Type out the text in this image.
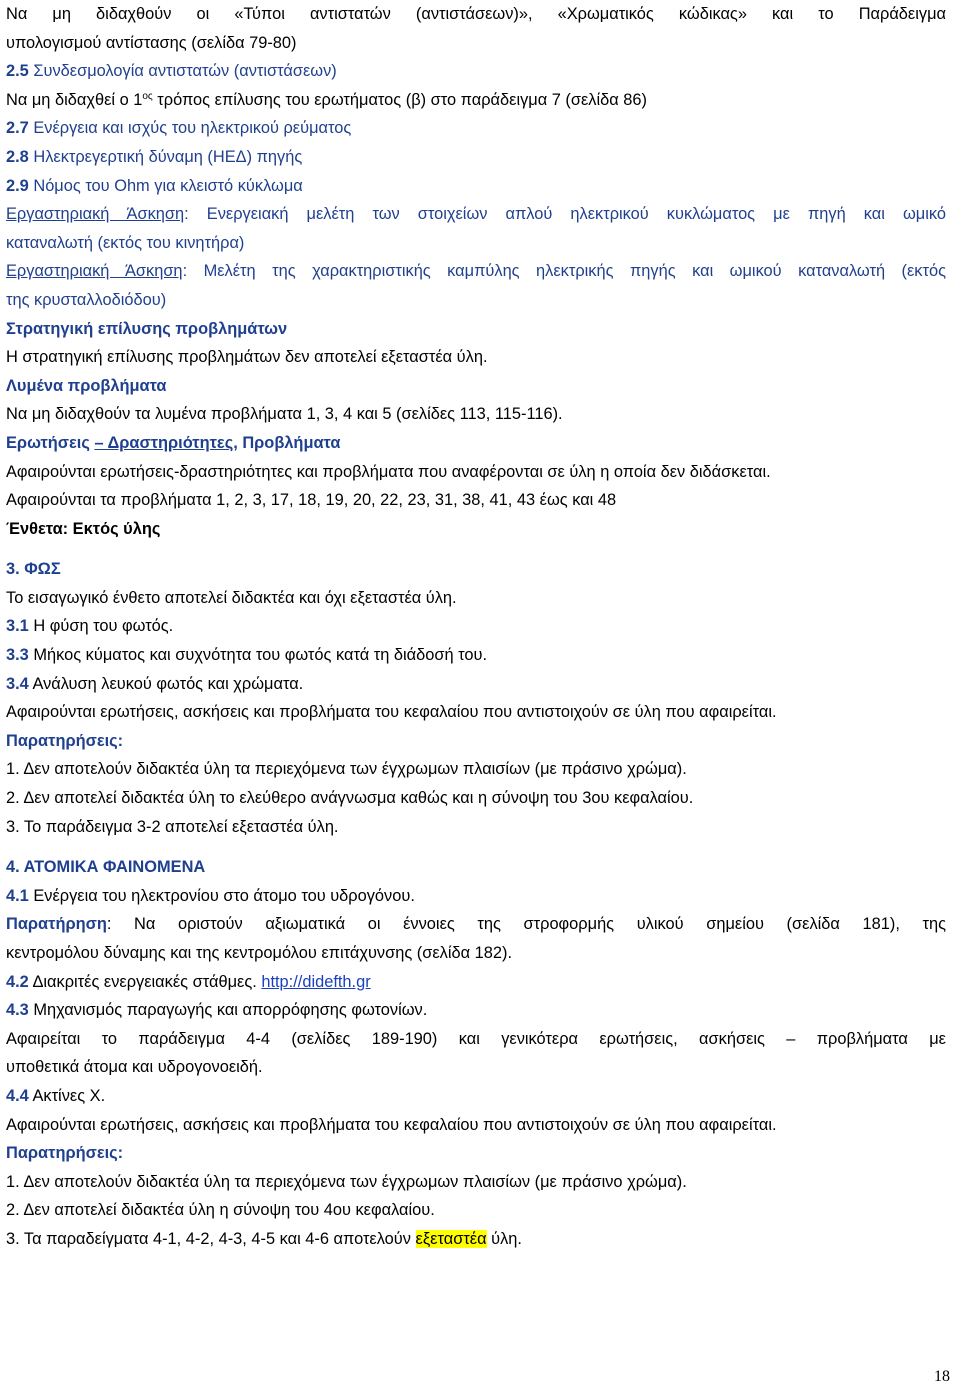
Να μη διδαχθούν οι «Τύποι αντιστατών (αντιστάσεων)», «Χρωματικός κώδικας» και το Παράδειγμα
υπολογισμού αντίστασης (σελίδα 79-80)
2.5 Συνδεσμολογία αντιστατών (αντιστάσεων)
Να μη διδαχθεί ο $1^{o\varsigma}$ τρόπος επίλυσης του ερωτήματος (β) στο παράδειγμα 7 (σελίδα 86)
2.7 Ενέργεια και ισχύς του ηλεκτρικού ρεύματος
2.8 Ηλεκτρεγερτική δύναμη (ΗΕΔ) πηγής
2.9 Νόμος του Ohm για κλειστό κύκλωμα
Εργαστηριακή Άσκηση: Ενεργειακή μελέτη των στοιχείων απλού ηλεκτρικού κυκλώματος με πηγή και ωμικό
καταναλωτή (εκτός του κινητήρα)
Εργαστηριακή Άσκηση: Μελέτη της χαρακτηριστικής καμπύλης ηλεκτρικής πηγής και ωμικού καταναλωτή (εκτός
της κρυσταλλοδιόδου)
Στρατηγική επίλυσης προβλημάτων
Η στρατηγική επίλυσης προβλημάτων δεν αποτελεί εξεταστέα ύλη.
Λυμένα προβλήματα
Να μη διδαχθούν τα λυμένα προβλήματα 1, 3, 4 και 5 (σελίδες 113, 115-116).
Ερωτήσεις – Δραστηριότητες, Προβλήματα
Αφαιρούνται ερωτήσεις-δραστηριότητες και προβλήματα που αναφέρονται σε ύλη η οποία δεν διδάσκεται.
Αφαιρούνται τα προβλήματα 1, 2, 3, 17, 18, 19, 20, 22, 23, 31, 38, 41, 43 έως και 48
Ένθετα: Εκτός ύλης
3. ΦΩΣ
Το εισαγωγικό ένθετο αποτελεί διδακτέα και όχι εξεταστέα ύλη.
3.1 Η φύση του φωτός.
3.3 Μήκος κύματος και συχνότητα του φωτός κατά τη διάδοσή του.
3.4 Ανάλυση λευκού φωτός και χρώματα.
Αφαιρούνται ερωτήσεις, ασκήσεις και προβλήματα του κεφαλαίου που αντιστοιχούν σε ύλη που αφαιρείται.
Παρατηρήσεις:
1. Δεν αποτελούν διδακτέα ύλη τα περιεχόμενα των έγχρωμων πλαισίων (με πράσινο χρώμα).
2. Δεν αποτελεί διδακτέα ύλη το ελεύθερο ανάγνωσμα καθώς και η σύνοψη του 3ου κεφαλαίου.
3. Το παράδειγμα 3-2 αποτελεί εξεταστέα ύλη.
4. ΑΤΟΜΙΚΑ ΦΑΙΝΟΜΕΝΑ
4.1 Ενέργεια του ηλεκτρονίου στο άτομο του υδρογόνου.
Παρατήρηση: Να οριστούν αξιωματικά οι έννοιες της στροφορμής υλικού σημείου (σελίδα 181), της
κεντρομόλου δύναμης και της κεντρομόλου επιτάχυνσης (σελίδα 182).
4.2 Διακριτές ενεργειακές στάθμες. http://didefth.gr
4.3 Μηχανισμός παραγωγής και απορρόφησης φωτονίων.
Αφαιρείται το παράδειγμα 4-4 (σελίδες 189-190) και γενικότερα ερωτήσεις, ασκήσεις – προβλήματα με
υποθετικά άτομα και υδρογονοειδή.
4.4 Ακτίνες Χ.
Αφαιρούνται ερωτήσεις, ασκήσεις και προβλήματα του κεφαλαίου που αντιστοιχούν σε ύλη που αφαιρείται.
Παρατηρήσεις:
1. Δεν αποτελούν διδακτέα ύλη τα περιεχόμενα των έγχρωμων πλαισίων (με πράσινο χρώμα).
2. Δεν αποτελεί διδακτέα ύλη η σύνοψη του 4ου κεφαλαίου.
3. Τα παραδείγματα 4-1, 4-2, 4-3, 4-5 και 4-6 αποτελούν εξεταστέα ύλη.
18
